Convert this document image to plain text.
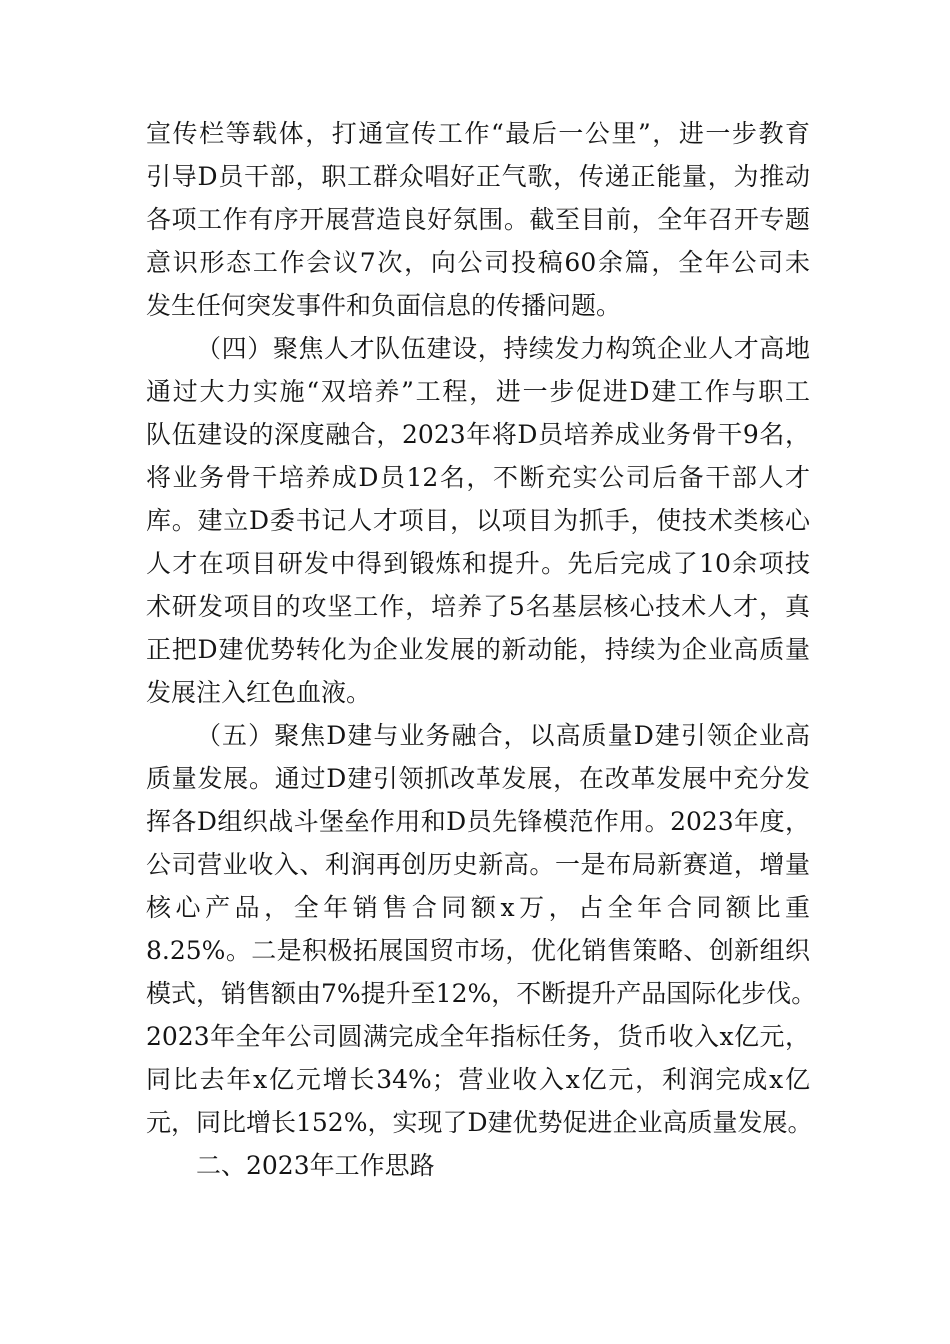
宣传栏等载体，打通宣传工作“最后一公里”，进一步教育
引导D员干部，职工群众唱好正气歌，传递正能量，为推动
各项工作有序开展营造良好氛围。截至目前，全年召开专题
意识形态工作会议7次，向公司投稿60余篇，全年公司未
发生任何突发事件和负面信息的传播问题。
（四）聚焦人才队伍建设，持续发力构筑企业人才高地
通过大力实施“双培养”工程，进一步促进D建工作与职工
队伍建设的深度融合，2023年将D员培养成业务骨干9名，
将业务骨干培养成D员12名，不断充实公司后备干部人才
库。建立D委书记人才项目，以项目为抓手，使技术类核心
人才在项目研发中得到锻炼和提升。先后完成了10余项技
术研发项目的攻坚工作，培养了5名基层核心技术人才，真
正把D建优势转化为企业发展的新动能，持续为企业高质量
发展注入红色血液。
（五）聚焦D建与业务融合，以高质量D建引领企业高
质量发展。通过D建引领抓改革发展，在改革发展中充分发
挥各D组织战斗堡垒作用和D员先锋模范作用。2023年度，
公司营业收入、利润再创历史新高。一是布局新赛道，增量
核心产品，全年销售合同额x万，占全年合同额比重
8.25%。二是积极拓展国贸市场，优化销售策略、创新组织
模式，销售额由7%提升至12%，不断提升产品国际化步伐。
2023年全年公司圆满完成全年指标任务，货币收入x亿元，
同比去年x亿元增长34%；营业收入x亿元，利润完成x亿
元，同比增长152%，实现了D建优势促进企业高质量发展。
二、2023年工作思路
